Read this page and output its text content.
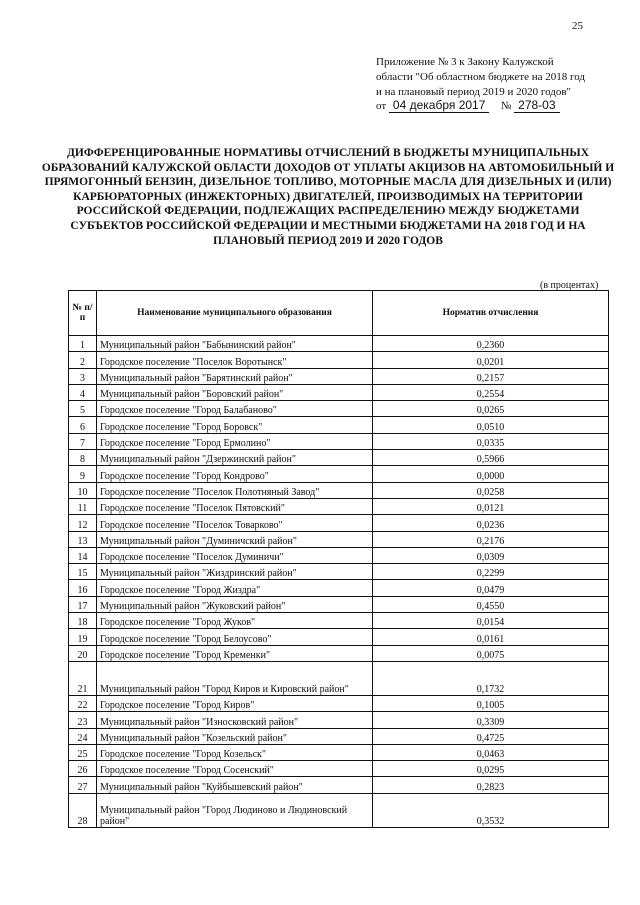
25
Приложение № 3 к Закону Калужской
области "Об областном бюджете на 2018 год
и на плановый период 2019 и 2020 годов"
от 04 декабря 2017 № 278-03
ДИФФЕРЕНЦИРОВАННЫЕ НОРМАТИВЫ ОТЧИСЛЕНИЙ В БЮДЖЕТЫ МУНИЦИПАЛЬНЫХ ОБРАЗОВАНИЙ КАЛУЖСКОЙ ОБЛАСТИ ДОХОДОВ ОТ УПЛАТЫ АКЦИЗОВ НА АВТОМОБИЛЬНЫЙ И ПРЯМОГОННЫЙ БЕНЗИН, ДИЗЕЛЬНОЕ ТОПЛИВО, МОТОРНЫЕ МАСЛА ДЛЯ ДИЗЕЛЬНЫХ И (ИЛИ) КАРБЮРАТОРНЫХ (ИНЖЕКТОРНЫХ) ДВИГАТЕЛЕЙ, ПРОИЗВОДИМЫХ НА ТЕРРИТОРИИ РОССИЙСКОЙ ФЕДЕРАЦИИ, ПОДЛЕЖАЩИХ РАСПРЕДЕЛЕНИЮ МЕЖДУ БЮДЖЕТАМИ СУБЪЕКТОВ РОССИЙСКОЙ ФЕДЕРАЦИИ И МЕСТНЫМИ БЮДЖЕТАМИ НА 2018 ГОД И НА ПЛАНОВЫЙ ПЕРИОД 2019 И 2020 ГОДОВ
(в процентах)
№ п/п	Наименование муниципального образования	Норматив отчисления
1	Муниципальный район "Бабынинский район"	0,2360
2	Городское поселение "Поселок Воротынск"	0,0201
3	Муниципальный район "Барятинский район"	0,2157
4	Муниципальный район "Боровский район"	0,2554
5	Городское поселение "Город Балабаново"	0,0265
6	Городское поселение "Город Боровск"	0,0510
7	Городское поселение "Город Ермолино"	0,0335
8	Муниципальный район "Дзержинский район"	0,5966
9	Городское поселение "Город Кондрово"	0,0000
10	Городское поселение "Поселок Полотняный Завод"	0,0258
11	Городское поселение "Поселок Пятовский"	0,0121
12	Городское поселение "Поселок Товарково"	0,0236
13	Муниципальный район "Думиничский район"	0,2176
14	Городское поселение "Поселок Думиничи"	0,0309
15	Муниципальный район "Жиздринский район"	0,2299
16	Городское поселение "Город Жиздра"	0,0479
17	Муниципальный район "Жуковский район"	0,4550
18	Городское поселение "Город Жуков"	0,0154
19	Городское поселение "Город Белоусово"	0,0161
20	Городское поселение "Город Кременки"	0,0075
21	Муниципальный район "Город Киров и Кировский район"	0,1732
22	Городское поселение "Город Киров"	0,1005
23	Муниципальный район "Износковский район"	0,3309
24	Муниципальный район "Козельский район"	0,4725
25	Городское поселение "Город Козельск"	0,0463
26	Городское поселение "Город Сосенский"	0,0295
27	Муниципальный район "Куйбышевский район"	0,2823
28	Муниципальный район "Город Людиново и Людиновский район"	0,3532
